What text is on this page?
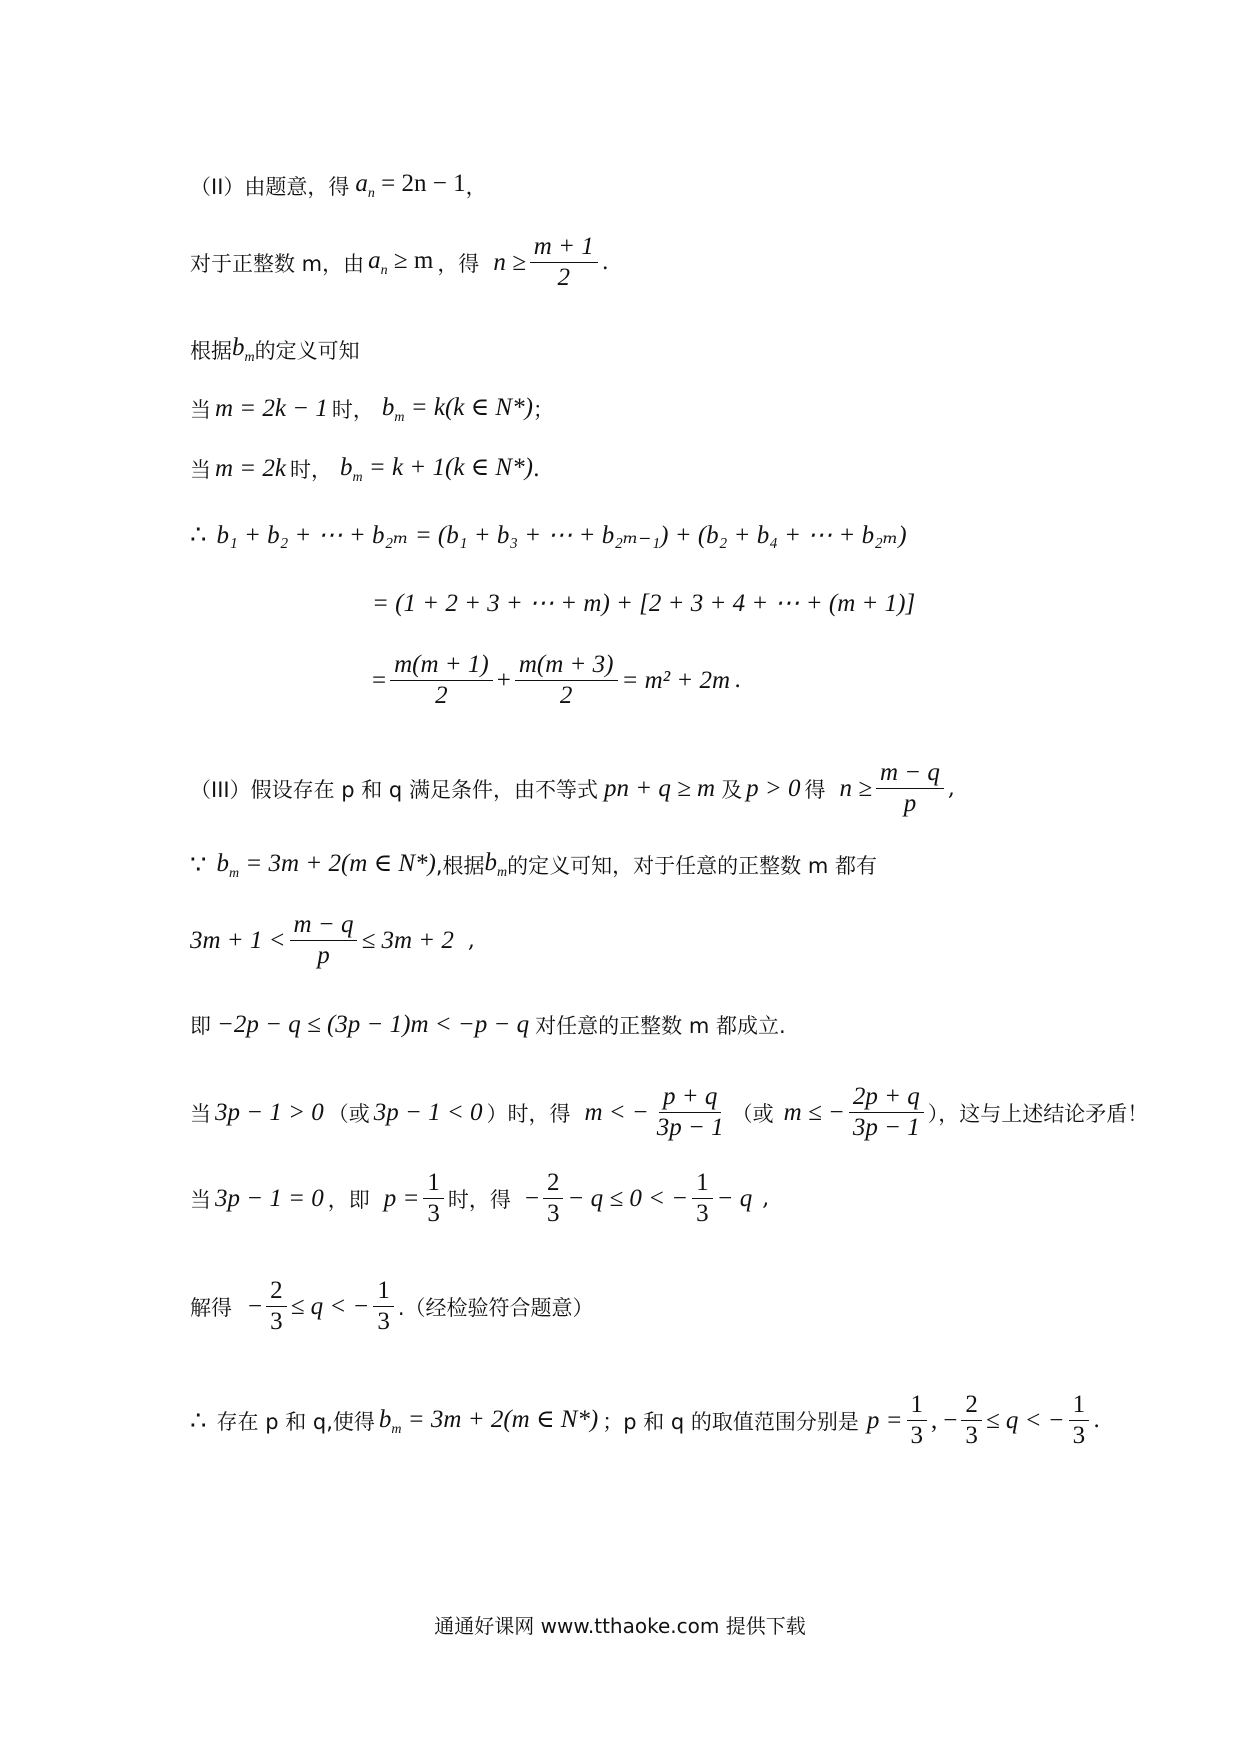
（II）由题意，得 $a_n = 2n - 1$ ，
对于正整数 m，由 $a_n \ge m$ ，得 $n \ge \frac{m + 1}{2}$ .
根据 $b_m$ 的定义可知
当 m = 2k − 1 时， $b_m = k(k$ ∈ N*) ；
当 m = 2k 时， $b_m = k + 1(k$ ∈ N*) .
∴ b₁ + b₂ + ⋯ + b₂ₘ = (b₁ + b₃ + ⋯ + b₂ₘ₋₁) + (b₂ + b₄ + ⋯ + b₂ₘ)
= (1 + 2 + 3 + ⋯ + m) + [2 + 3 + 4 + ⋯ + (m + 1)]
= $\frac{m(m + 1)}{2} + \frac{m(m + 3)}{2} = m^2 + 2m$ .
（III）假设存在 p 和 q 满足条件，由不等式 pn + q ≥ m 及 p > 0 得 $n \ge \frac{m - q}{p}$ ,
∵ $b_m = 3m + 2(m$ ∈ N*) ,根据 $b_m$ 的定义可知，对于任意的正整数 m 都有
$3m + 1 < \frac{m - q}{p} \le 3m + 2$ ,
即 −2p − q ≤ (3p − 1)m < −p − q 对任意的正整数 m 都成立.
当 3p − 1 > 0 （或 3p − 1 < 0 ）时，得 m < − $\frac{p + q}{3p - 1}$ （或 m ≤ − $\frac{2p + q}{3p - 1}$ ），这与上述结论矛盾！
当 3p − 1 = 0 ，即 $p = \frac{1}{3}$ 时，得 − $\frac{2}{3} - q \le 0$ < − $\frac{1}{3} - q$ ,
解得 − $\frac{2}{3} \le q$ < − $\frac{1}{3}$ .（经检验符合题意）
∴ 存在 p 和 q,使得 $b_m = 3m + 2(m$ ∈ N*) ；p 和 q 的取值范围分别是 $p = \frac{1}{3}$ , − $\frac{2}{3} \le q$ < − $\frac{1}{3}$ .
通通好课网 www.tthaoke.com 提供下载
